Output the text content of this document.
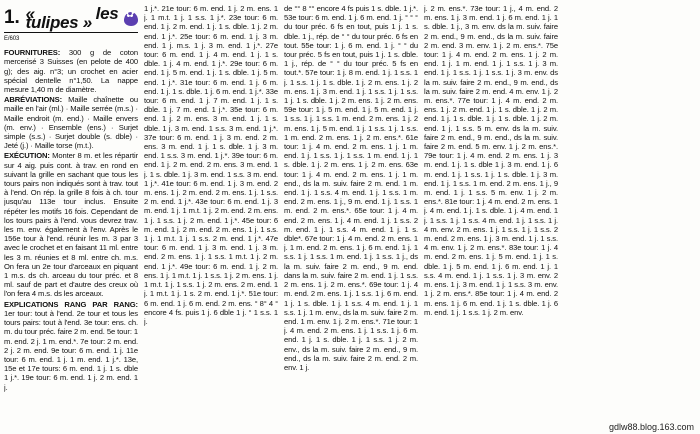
1. « les tulipes »
✿
E/603

FOURNITURES: 300 g de coton mercerisé 3 Suisses (en pelote de 400 g); des aig. n°3; un crochet en acier spécial dentelle n°1,50. La nappe mesure 1,40 m de diamètre.

ABRÉVIATIONS: Maille chaînette ou maille en l'air (ml.) · Maille serrée (m.s.) · Maille endroit (m. end.) · Maille envers (m. env.) · Ensemble (ens.) · Surjet simple (s.s.) · Surjet double (s. dble) · Jeté (j.) · Maille torse (m.t.).

EXÉCUTION: Monter 8 m. et les répartir sur 4 aig. puis cont. à trav. en rond en suivant la grille en sachant que tous les tours pairs non indiqués sont à trav. tout à l'end. On rép. la grille 8 fois à ch. tour jusqu'au 113e tour inclus. Ensuite répéter les motifs 16 fois. Cependant de los tours pairs à l'end. vous devrez trav. les m. env. également à l'env. Après le 156e tour à l'end. réunir les m. 3 par 3 avec le crochet et en faisant 11 ml. entre les 3 m. réunies et 8 ml. entre ch. m.s. On fera un 2e tour d'arceaux en piquant 1 m.s. ds ch. arceau du tour préc. et 8 ml. sauf de part et d'autre des creux où l'on fera 4 m.s. ds les arceaux.

EXPLICATIONS RANG PAR RANG: 1er tour: tout à l'end. 2e tour et tous les tours pairs: tout à l'end. 3e tour: ens. ch. m. du tour préc. faire 2 m. end. 5e tour: 1 m. end. 2 j. 1 m. end.*. 7e tour: 2 m. end. 2 j. 2 m. end. 9e tour: 6 m. end. 1 j. 11e tour: 6 m. end. 1 j. 1 m. end. 1 j.*. 13e, 15e et 17e tours: 6 m. end. 1 j. 1 s. dble 1 j.*. 19e tour: 6 m. end. 1 j. 2 m. end. 1 j.

1 j.*. 21e tour: 6 m. end. 1 j. 2 m. ens. 1 j. 1 m.t. 1 j. 1 s.s. 1 j.*. 23e tour: 6 m. end. 1 j. 2 m. end. 1 j. 1 s. dble. 1 j. 2 m. end. 1 j.*. 25e tour: 6 m. end. 1 j. 3 m. end. 1 j. m.s. 1 j. 3 m. end. 1 j.*. 27e tour: 6 m. end. 1 j. 4 m. end. 1 j. 1 s. dble. 1 j. 4 m. end. 1 j.*. 29e tour: 6 m. end. 1 j. 5 m. end. 1 j. 1 s. dble. 1 j. 5 m. end. 1 j.*. 31e tour: 6 m. end. 1 j. 6 m. end. 1 j. 1 s. dble. 1 j. 6 m. end. 1 j.*. 33e tour: 6 m. end. 1 j. 7 m. end. 1 j. 1 s. dble. 1 j. 7 m. end. 1 j.*. 35e tour: 6 m. end. 1 j. 2 m. ens. 3 m. end. 1 j. 1 s. dble. 1 j. 3 m. end. 1 s.s. 3 m. end. 1 j.*. 37e tour: 6 m. end. 1 j. 3 m. end. 2 m. ens. 3 m. end. 1 j. 1 s. dble. 1 j. 3 m. end. 1 s.s. 3 m. end. 1 j.*. 39e tour: 6 m. end. 1 j. 2 m. end. 2 m. ens. 3 m. end. 1 j. 1 s. dble. 1 j. 3 m. end. 1 s.s. 3 m. end. 1 j.*. 41e tour: 6 m. end. 1 j. 3 m. end. 2 m. ens. 1 j. 2 m. end. 2 m. ens. 1 j. 1 s.s. 2 m. end. 1 j.*. 43e tour: 6 m. end. 1 j. 3 m. end. 1 j. 1 m.t. 1 j. 2 m. end. 2 m. ens. 1 j. 1 s.s. 1 j. 2 m. end. 1 j.*. 45e tour: 6 m. end. 1 j. 2 m. end. 2 m. ens. 1 j. 1 s.s. 1 j. 1 m.t. 1 j. 1 s.s. 2 m. end. 1 j.*. 47e tour: 6 m. end. 1 j. 3 m. end. 1 j. 3 m. end. 2 m. ens. 1 j. 1 s.s. 1 m.t. 1 j. 2 m. end. 1 j.*. 49e tour: 6 m. end. 1 j. 2 m. ens. 1 j. 1 m.t. 1 j. 1 s.s. 1 j. 2 m. ens. 1 j. 1 m.t. 1 j. 1 s.s. 1 j. 2 m. ens. 2 m. end. 1 j. 1 m.t. 1 j. 1 s. 2 m. end. 1 j.*. 51e tour: 6 m. end. 1 j. 6 m. end. 2 m. ens. ° 8° 4 ° encore 4 fs. puis 1 j. 6 dble 1 j. ° 1 s.s. 1 j.

de °° 8 °° encore 4 fs puis 1 s. dble. 1 j.*. 53e tour: 6 m. end. 1 j. 6 m. end. 1 j. ° ° ° du tour préc. 6 fs en tout, puis 1 j. 1 s. dble. 1 j., rép. de ° ° du tour préc. 6 fs en tout. 55e tour: 1 j. 6 m. end. 1 j. ° ° du tour préc. 5 fs en tout, puis 1 j. 1 s. dble. 1 j., rép. de ° ° du tour préc. 5 fs en tout.*. 57e tour: 1 j. 8 m. end. 1 j. 1 s.s. 1 j. 1 s.s. 1 j. 1 s. dble. 1 j. 2 m. ens. 1 j. 2 m. ens. 1 j. 3 m. end. 1 j. 1 s.s. 1 j. 1 s.s. 1 j. 1 s. dble. 1 j. 2 m. ens. 1 j. 2 m. ens. 59e tour: 1 j. 5 m. end. 1 j. 5 m. end. 1 j. 1 s.s. 1 j. 1 s.s. 1 m. end. 2 m. ens. 1 j. 2 m. ens. 1 j. 5 m. end. 1 j. 1 s.s. 1 j. 1 s.s. 1 m. end. 2 m. ens. 1 j. 2 m. ens.*. 61e tour: 1 j. 4 m. end. 2 m. ens. 1 j. 1 m. end. 1 j. 1 s.s. 1 j. 1 s.s. 1 m. end. 1 j. 1 s. dble. 1 j. 2 m. ens. 1 j. 2 m. ens. 63e tour: 1 j. 4 m. end. 2 m. ens. 1 j. 1 m. end., ds la m. suiv. faire 2 m. end. 1 m. end. 1 j. 1 s.s. 4 m. end. 1 j. 1 s.s. 1 m. end. 2 m. ens. 1 j., 9 m. end. 1 j. 1 s.s. 1 m. end. 2 m. ens.*. 65e tour: 1 j. 4 m. end. 2 m. ens. 1 j. 4 m. end. 1 j. 1 s.s. 2 m. end. 1 j. 1 s.s. 4 m. end. 1 j. 1 s. dble*. 67e tour: 1 j. 4 m. end. 2 m. ens. 1 j. 1 m. end. 2 m. ens. 1 j. 6 m. end. 1 j. 1 s.s. 1 j. 1 s.s. 1 m. end. 1 j. 1 s.s. 1 j., ds la m. suiv. faire 2 m. end., 9 m. end. dans la m. suiv. faire 2 m. end. 1 j. 1 s.s. 2 m. ens. 1 j. 2 m. ens.*. 69e tour: 1 j. 4 m. end. 2 m. ens. 1 j. 1 s.s. 1 j. 6 m. end. 1 j. 1 s. dble. 1 j. 1 s.s. 4 m. end. 1 j. 1 s.s. 1 j. 1 m. env., ds la m. suiv. faire 2 m. end. 1 m. env. 1 j. 2 m. ens.*. 71e tour: 1 j. 4 m. end. 2 m. ens. 1 j. 1 s.s. 1 j. 6 m. end. 1 j. 1 s. dble. 1 j. 1 s.s. 1 j. 2 m. env., ds la m. suiv. faire 2 m. end., 9 m. end., ds la m. suiv. faire 2 m. end. 2 m. env. 1 j.

j. 2 m. ens.*. 73e tour: 1 j., 4 m. end. 2 m. ens. 1 j. 3 m. end. 1 j. 6 m. end. 1 j. 1 s. dble. 1 j., 3 m. env. ds la m. suiv. faire 2 m. end., 9 m. end., ds la m. suiv. faire 2 m. end. 3 m. env. 1 j. 2 m. ens.*. 75e tour: 1 j. 4 m. end. 2 m. ens. 1 j. 2 m. end. 1 j. 1 m. end. 1 j. 1 s.s. 1 j. 3 m. end. 1 j. 1 s.s. 1 j. 1 s.s. 1 j. 3 m. env. ds la m. suiv. faire 2 m. end., 9 m. end., ds la m. suiv. faire 2 m. end. 4 m. env. 1 j. 2 m. ens.*. 77e tour: 1 j. 4 m. end. 2 m. ens. 1 j. 2 m. end. 1 j. 1 s. dble. 1 j. 2 m. end. 1 j. 1 s. dble. 1 j. 1 s. dble. 1 j. 2 m. end. 1 j. 1 s.s. 5 m. env. ds la m. suiv. faire 2 m. end., 9 m. end., ds la m. suiv. faire 2 m. end. 5 m. env. 1 j. 2 m. ens.*. 79e tour: 1 j. 4 m. end. 2 m. ens. 1 j. 3 m. end. 1 j. 1 s. dble 1 j. 3 m. end. 1 j. 6 m. end. 1 j. 1 s.s. 1 j. 1 s. dble. 1 j. 3 m. end. 1 j. 1 s.s. 1 m. end. 2 m. ens. 1 j., 9 m. end. 1 j. 1 s.s. 5 m. env. 1 j. 2 m. ens.*. 81e tour: 1 j. 4 m. end. 2 m. ens. 1 j. 4 m. end. 1 j. 1 s. dble. 1 j. 4 m. end. 1 j. 1 s.s. 1 j. 1 s.s. 4 m. end. 1 j. 1 s.s. 1 j. 4 m. env. 2 m. ens. 1 j. 1 s.s. 1 j. 1 s.s. 2 m. end. 2 m. ens. 1 j. 3 m. end. 1 j. 1 s.s. 4 m. env. 1 j. 2 m. ens.*. 83e tour: 1 j. 4 m. end. 2 m. ens. 1 j. 5 m. end. 1 j. 1 s. dble. 1 j. 5 m. end. 1 j. 6 m. end. 1 j. 1 s.s. 4 m. end. 1 j. 1 s.s. 1 j. 3 m. env. 2 m. ens. 1 j. 3 m. end. 1 j. 1 s.s. 3 m. env. 1 j. 2 m. ens.*. 85e tour: 1 j. 4 m. end. 2 m. ens. 1 j. 6 m. end. 1 j. 1 s. dble. 1 j. 6 m. end. 1 j. 1 s.s. 1 j. 2 m. env.

gdlw88.blog.163.com
